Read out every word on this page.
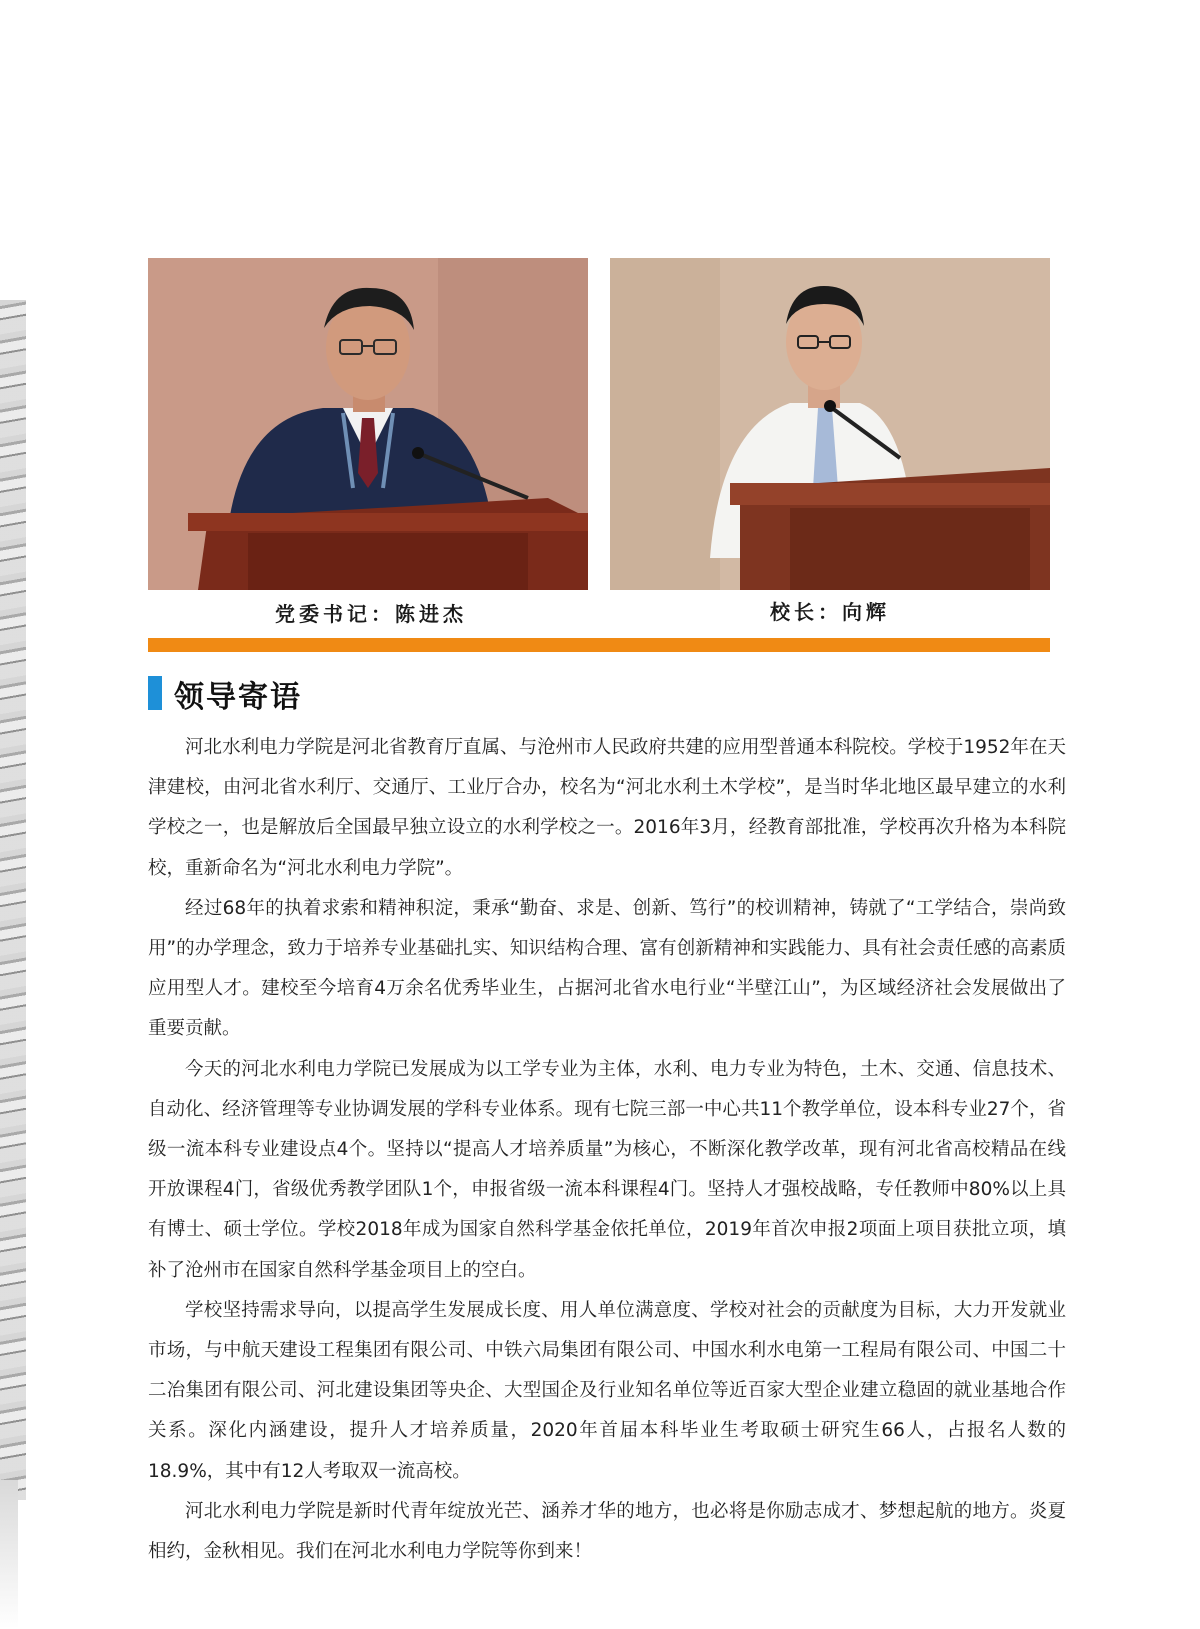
党委书记：陈进杰	校长：向辉
领导寄语

河北水利电力学院是河北省教育厅直属、与沧州市人民政府共建的应用型普通本科院校。学校于1952年在天津建校，由河北省水利厅、交通厅、工业厅合办，校名为“河北水利土木学校”，是当时华北地区最早建立的水利学校之一，也是解放后全国最早独立设立的水利学校之一。2016年3月，经教育部批准，学校再次升格为本科院校，重新命名为“河北水利电力学院”。

经过68年的执着求索和精神积淀，秉承“勤奋、求是、创新、笃行”的校训精神，铸就了“工学结合，崇尚致用”的办学理念，致力于培养专业基础扎实、知识结构合理、富有创新精神和实践能力、具有社会责任感的高素质应用型人才。建校至今培育4万余名优秀毕业生，占据河北省水电行业“半壁江山”，为区域经济社会发展做出了重要贡献。

今天的河北水利电力学院已发展成为以工学专业为主体，水利、电力专业为特色，土木、交通、信息技术、自动化、经济管理等专业协调发展的学科专业体系。现有七院三部一中心共11个教学单位，设本科专业27个，省级一流本科专业建设点4个。坚持以“提高人才培养质量”为核心，不断深化教学改革，现有河北省高校精品在线开放课程4门，省级优秀教学团队1个，申报省级一流本科课程4门。坚持人才强校战略，专任教师中80%以上具有博士、硕士学位。学校2018年成为国家自然科学基金依托单位，2019年首次申报2项面上项目获批立项，填补了沧州市在国家自然科学基金项目上的空白。

学校坚持需求导向，以提高学生发展成长度、用人单位满意度、学校对社会的贡献度为目标，大力开发就业市场，与中航天建设工程集团有限公司、中铁六局集团有限公司、中国水利水电第一工程局有限公司、中国二十二冶集团有限公司、河北建设集团等央企、大型国企及行业知名单位等近百家大型企业建立稳固的就业基地合作关系。深化内涵建设，提升人才培养质量，2020年首届本科毕业生考取硕士研究生66人，占报名人数的18.9%，其中有12人考取双一流高校。

河北水利电力学院是新时代青年绽放光芒、涵养才华的地方，也必将是你励志成才、梦想起航的地方。炎夏相约，金秋相见。我们在河北水利电力学院等你到来！
